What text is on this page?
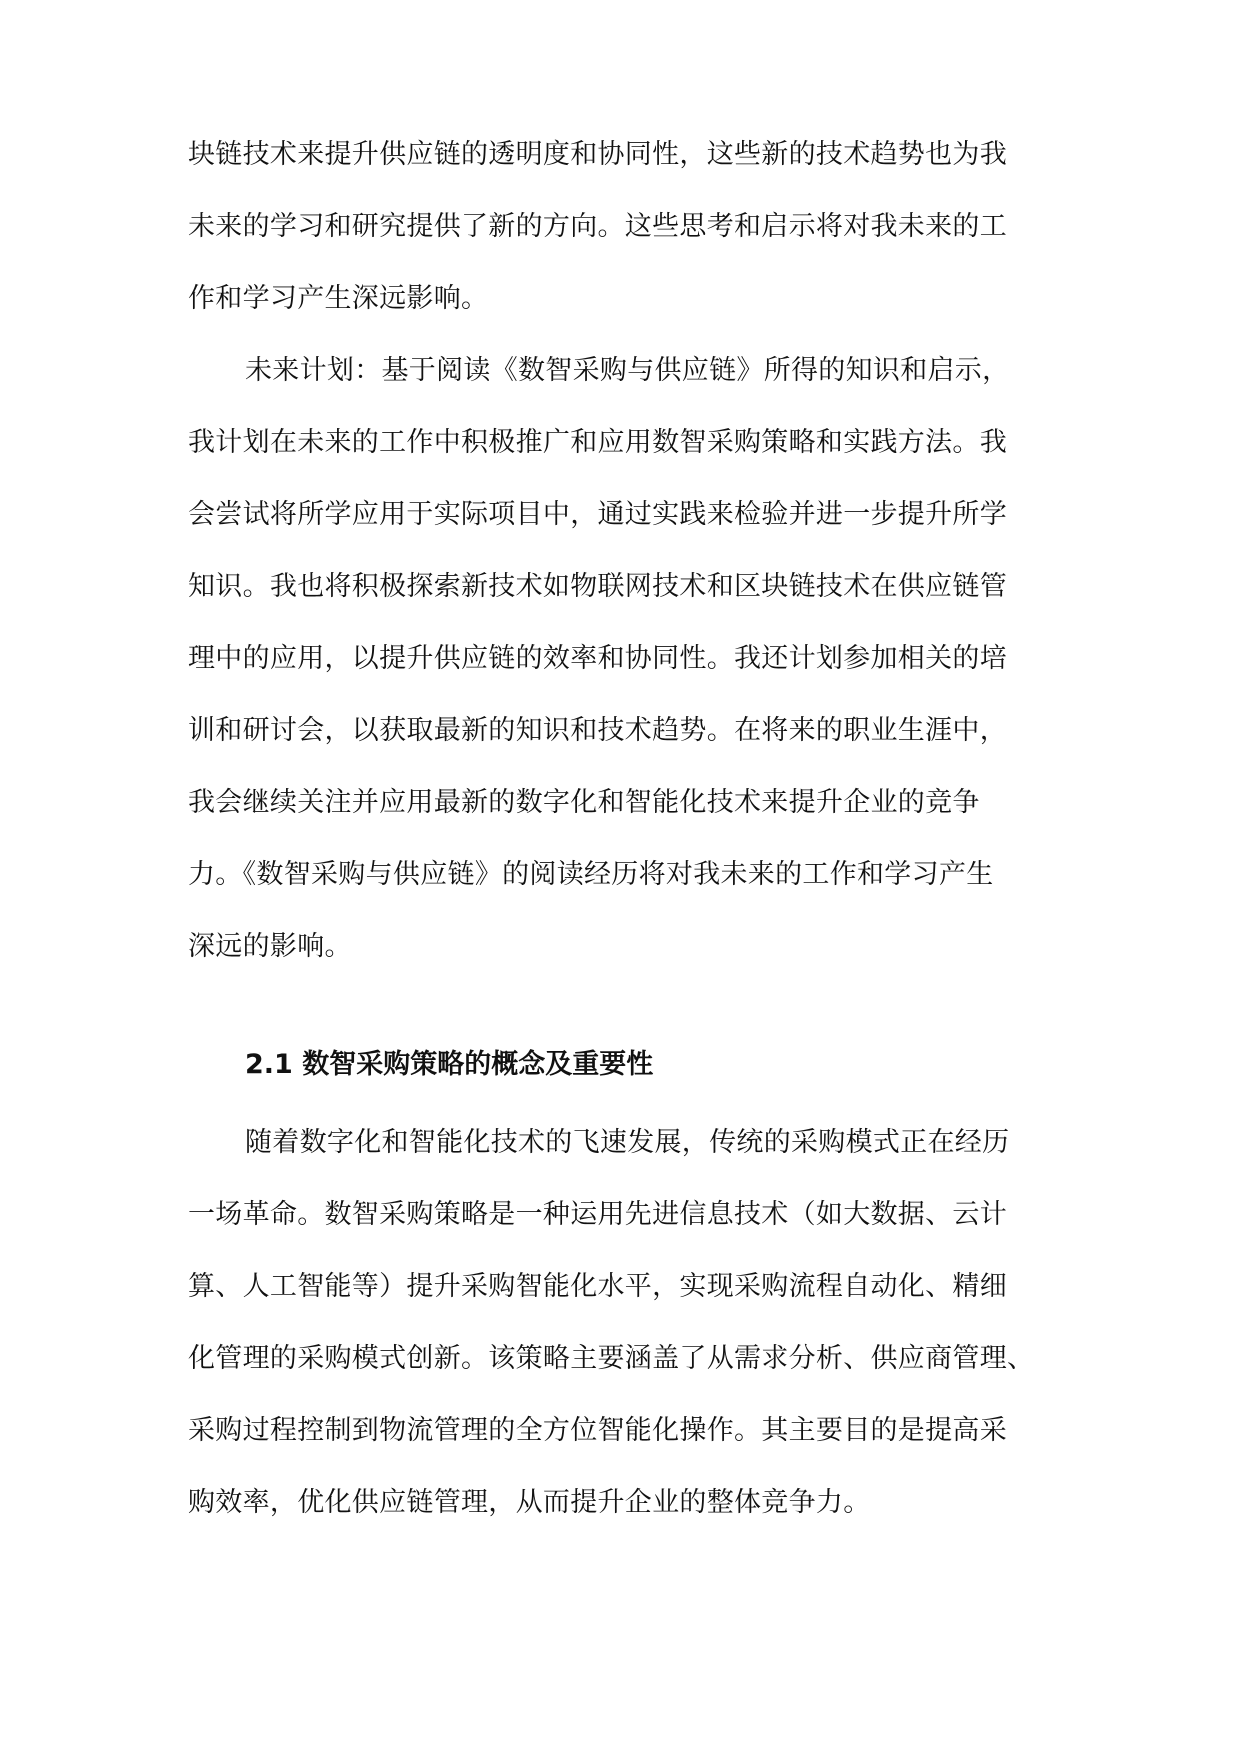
块链技术来提升供应链的透明度和协同性，这些新的技术趋势也为我
未来的学习和研究提供了新的方向。这些思考和启示将对我未来的工
作和学习产生深远影响。
未来计划：基于阅读《数智采购与供应链》所得的知识和启示，
我计划在未来的工作中积极推广和应用数智采购策略和实践方法。我
会尝试将所学应用于实际项目中，通过实践来检验并进一步提升所学
知识。我也将积极探索新技术如物联网技术和区块链技术在供应链管
理中的应用，以提升供应链的效率和协同性。我还计划参加相关的培
训和研讨会，以获取最新的知识和技术趋势。在将来的职业生涯中，
我会继续关注并应用最新的数字化和智能化技术来提升企业的竞争
力。《数智采购与供应链》的阅读经历将对我未来的工作和学习产生
深远的影响。
2.1 数智采购策略的概念及重要性
随着数字化和智能化技术的飞速发展，传统的采购模式正在经历
一场革命。数智采购策略是一种运用先进信息技术（如大数据、云计
算、人工智能等）提升采购智能化水平，实现采购流程自动化、精细
化管理的采购模式创新。该策略主要涵盖了从需求分析、供应商管理、
采购过程控制到物流管理的全方位智能化操作。其主要目的是提高采
购效率，优化供应链管理，从而提升企业的整体竞争力。
